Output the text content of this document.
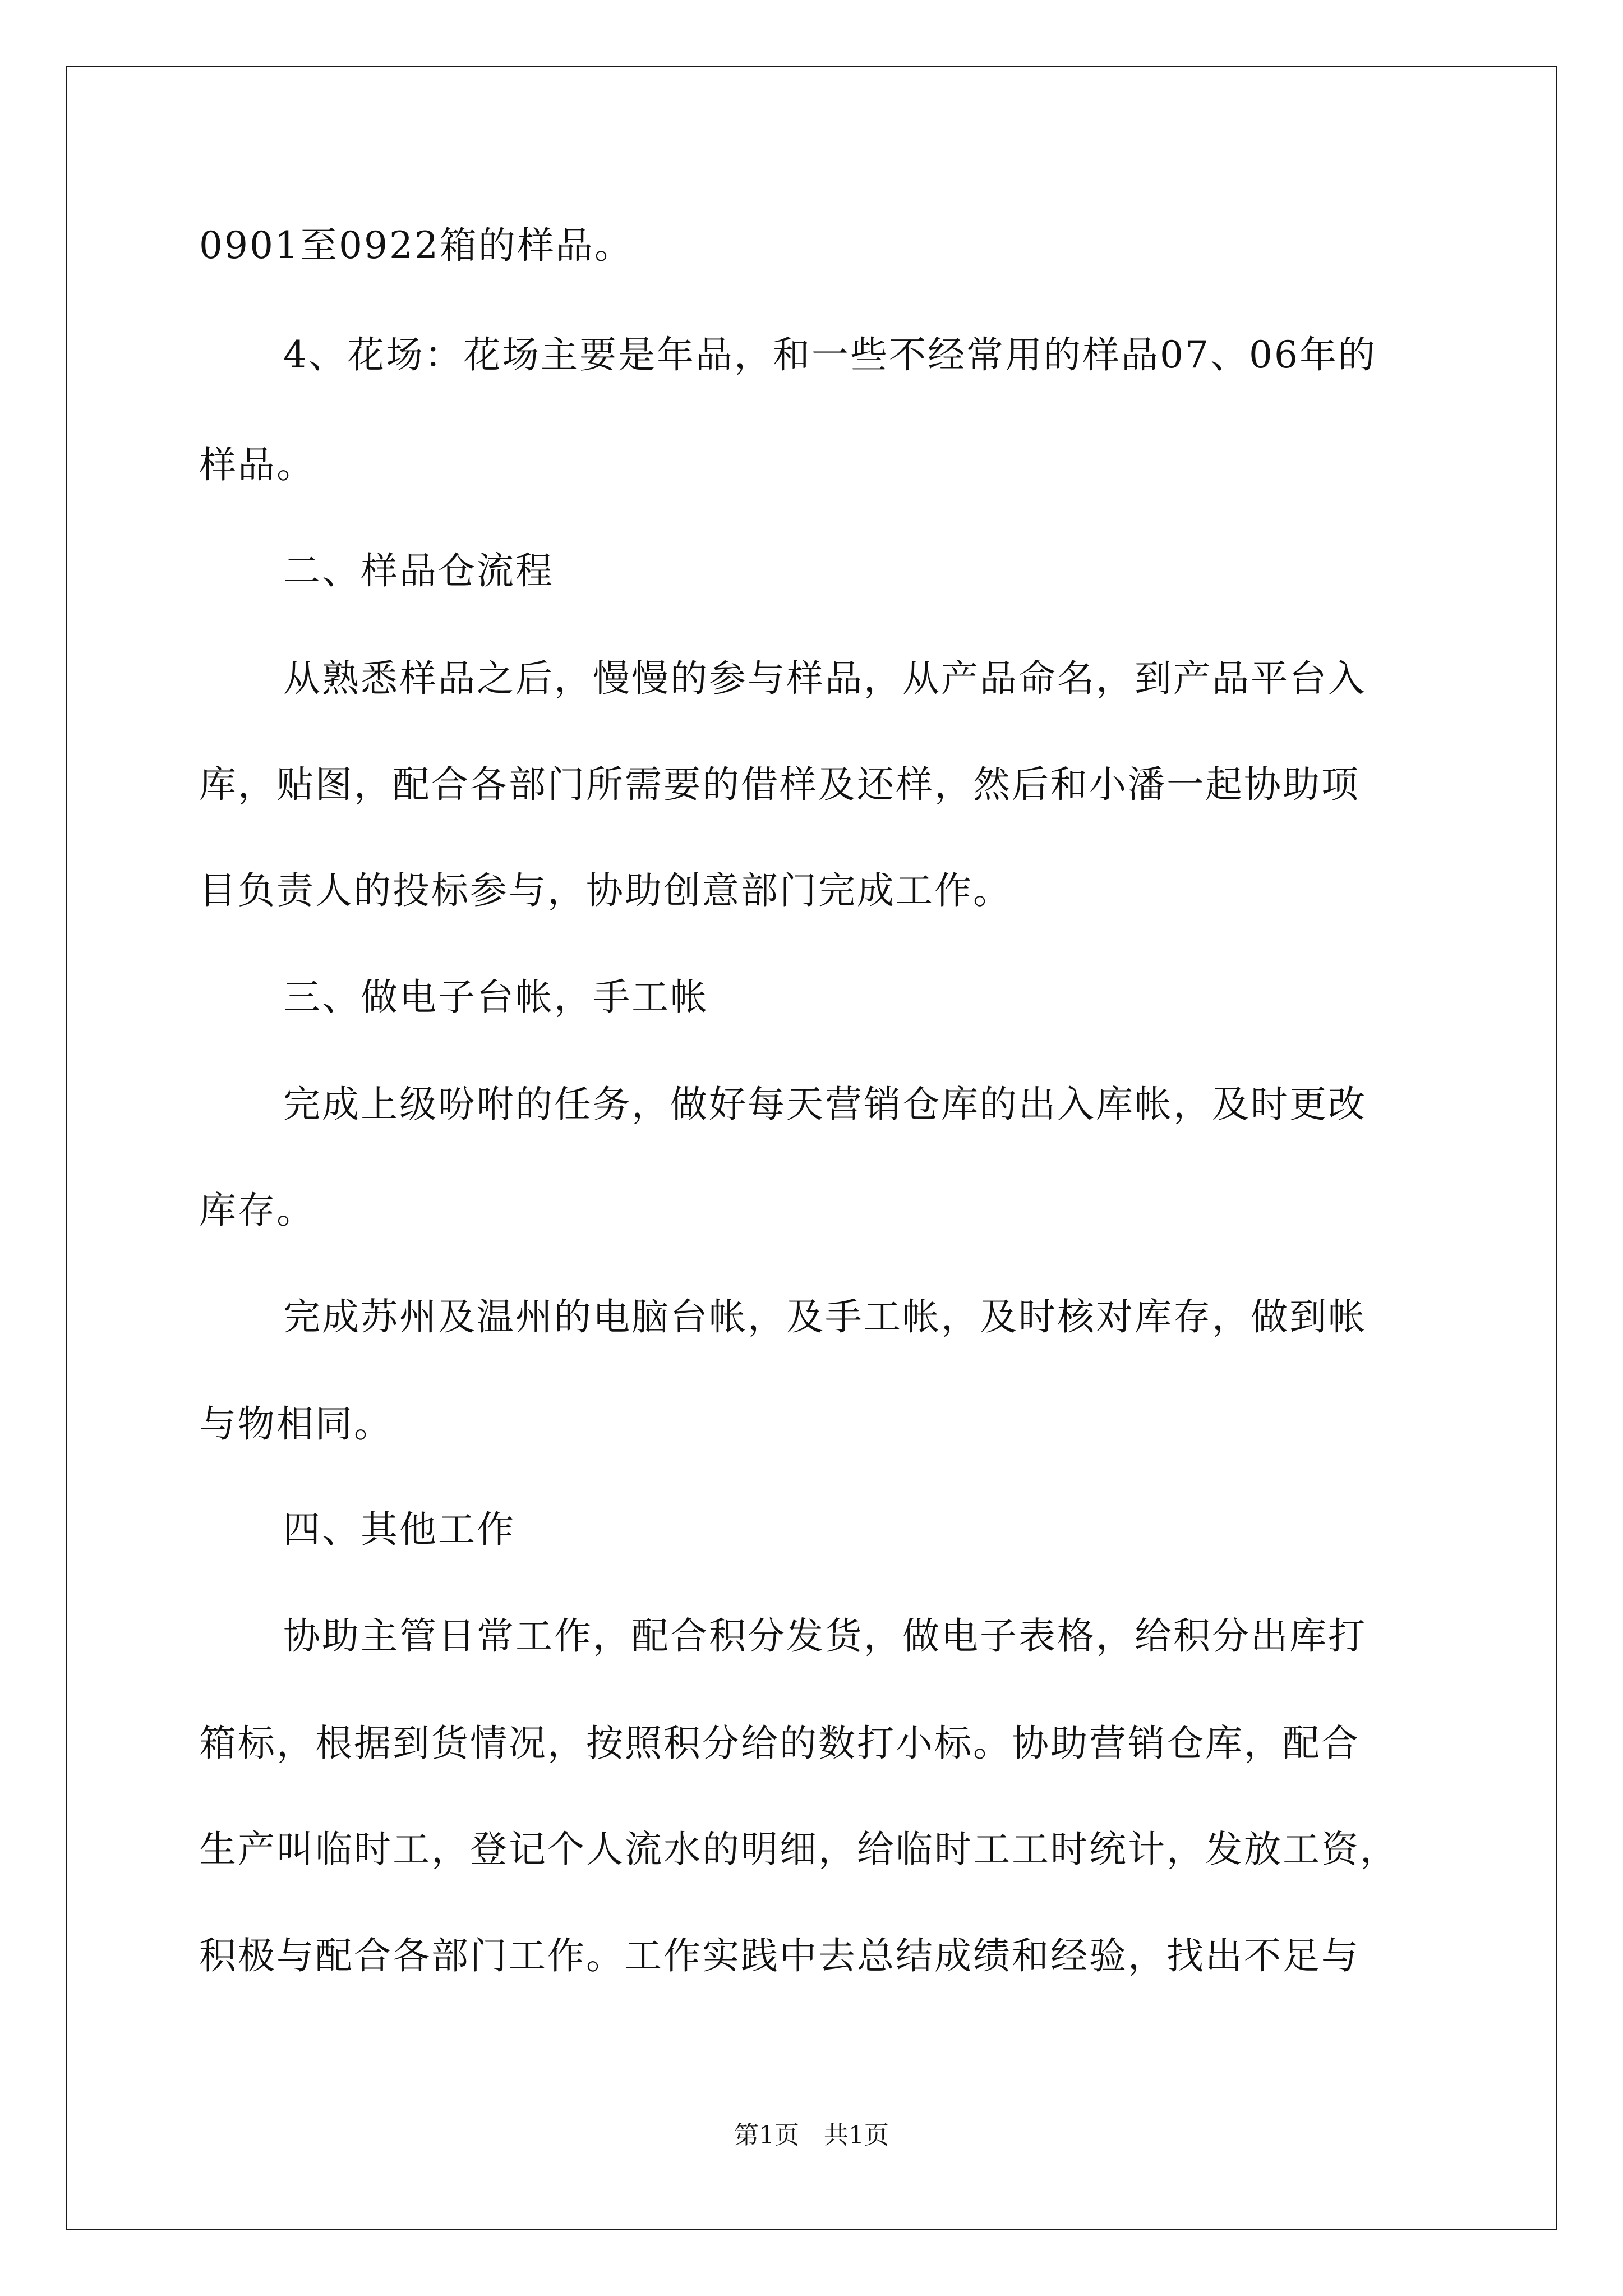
0901至0922箱的样品。
4、花场：花场主要是年品，和一些不经常用的样品07、06年的
样品。
二、样品仓流程
从熟悉样品之后，慢慢的参与样品，从产品命名，到产品平台入
库，贴图，配合各部门所需要的借样及还样，然后和小潘一起协助项
目负责人的投标参与，协助创意部门完成工作。
三、做电子台帐，手工帐
完成上级吩咐的任务，做好每天营销仓库的出入库帐，及时更改
库存。
完成苏州及温州的电脑台帐，及手工帐，及时核对库存，做到帐
与物相同。
四、其他工作
协助主管日常工作，配合积分发货，做电子表格，给积分出库打
箱标，根据到货情况，按照积分给的数打小标。协助营销仓库，配合
生产叫临时工，登记个人流水的明细，给临时工工时统计，发放工资，
积极与配合各部门工作。工作实践中去总结成绩和经验，找出不足与
第1页　共1页
